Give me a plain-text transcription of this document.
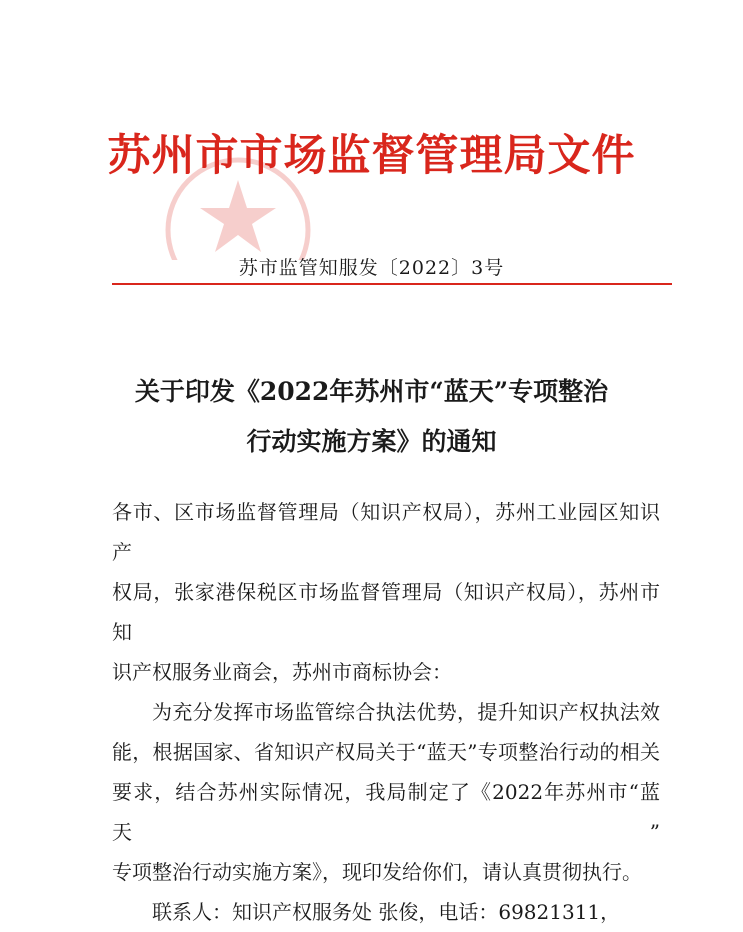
苏州市市场监督管理局文件
苏市监管知服发〔2022〕3号
关于印发《2022年苏州市“蓝天”专项整治
行动实施方案》的通知

各市、区市场监督管理局（知识产权局），苏州工业园区知识产

权局，张家港保税区市场监督管理局（知识产权局），苏州市知

识产权服务业商会，苏州市商标协会：

为充分发挥市场监管综合执法优势，提升知识产权执法效

能，根据国家、省知识产权局关于“蓝天”专项整治行动的相关

要求，结合苏州实际情况，我局制定了《2022年苏州市“蓝天”

专项整治行动实施方案》，现印发给你们，请认真贯彻执行。

联系人：知识产权服务处 张俊，电话：69821311，
